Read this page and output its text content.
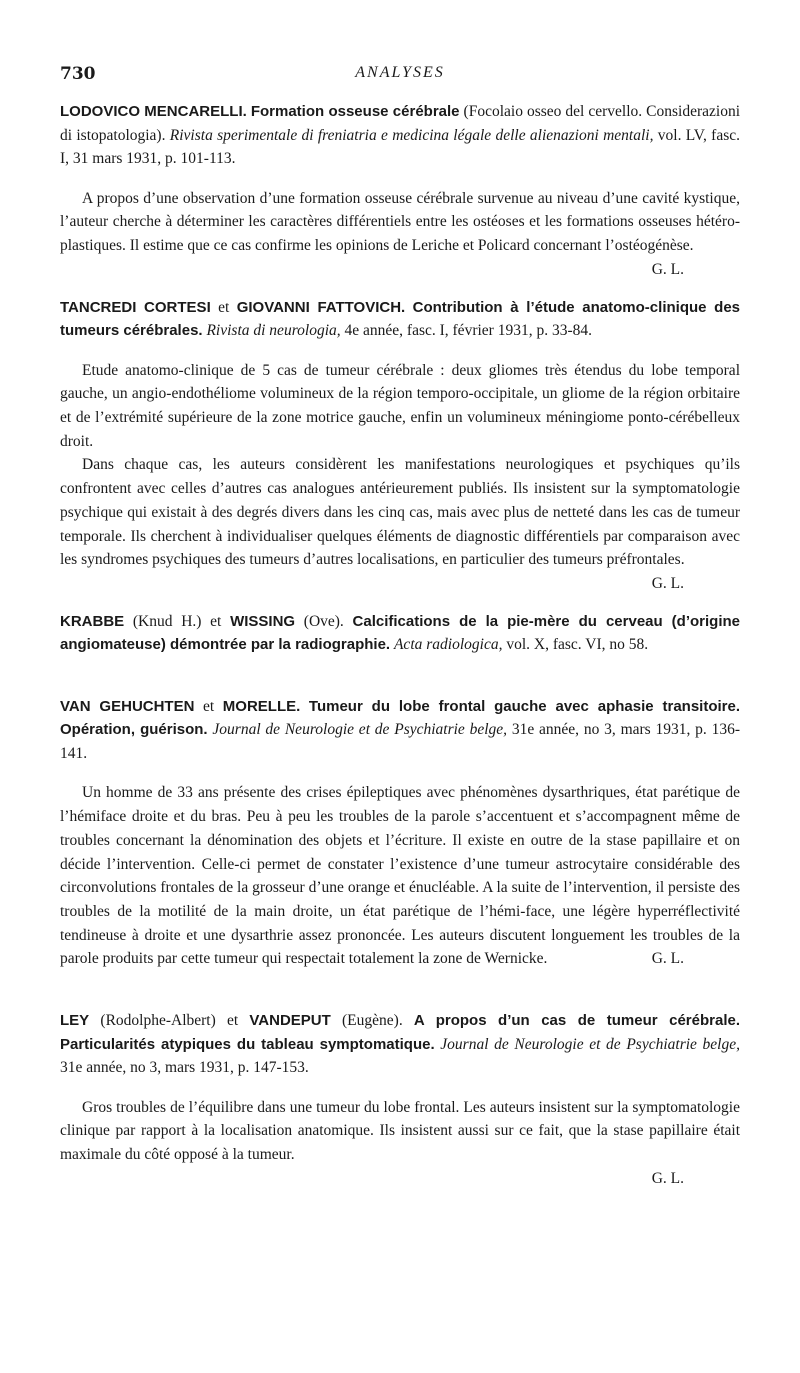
730	ANALYSES

LODOVICO MENCARELLI. Formation osseuse cérébrale (Focolaio osseo del cervello. Considerazioni di istopatologia). Rivista sperimentale di freniatria e medicina légale delle alienazioni mentali, vol. LV, fasc. I, 31 mars 1931, p. 101-113.

A propos d’une observation d’une formation osseuse cérébrale survenue au niveau d’une cavité kystique, l’auteur cherche à déterminer les caractères différentiels entre les ostéoses et les formations osseuses hétéro-plastiques. Il estime que ce cas confirme les opinions de Leriche et Policard concernant l’ostéogénèse.
G. L.

TANCREDI CORTESI et GIOVANNI FATTOVICH. Contribution à l’étude anatomo-clinique des tumeurs cérébrales. Rivista di neurologia, 4e année, fasc. I, février 1931, p. 33-84.

Etude anatomo-clinique de 5 cas de tumeur cérébrale : deux gliomes très étendus du lobe temporal gauche, un angio-endothéliome volumineux de la région temporo-occipitale, un gliome de la région orbitaire et de l’extrémité supérieure de la zone motrice gauche, enfin un volumineux méningiome ponto-cérébelleux droit.

Dans chaque cas, les auteurs considèrent les manifestations neurologiques et psychiques qu’ils confrontent avec celles d’autres cas analogues antérieurement publiés. Ils insistent sur la symptomatologie psychique qui existait à des degrés divers dans les cinq cas, mais avec plus de netteté dans les cas de tumeur temporale. Ils cherchent à individualiser quelques éléments de diagnostic différentiels par comparaison avec les syndromes psychiques des tumeurs d’autres localisations, en particulier des tumeurs préfrontales.
G. L.

KRABBE (Knud H.) et WISSING (Ove). Calcifications de la pie-mère du cerveau (d’origine angiomateuse) démontrée par la radiographie. Acta radiologica, vol. X, fasc. VI, no 58.

VAN GEHUCHTEN et MORELLE. Tumeur du lobe frontal gauche avec aphasie transitoire. Opération, guérison. Journal de Neurologie et de Psychiatrie belge, 31e année, no 3, mars 1931, p. 136-141.

Un homme de 33 ans présente des crises épileptiques avec phénomènes dysarthriques, état parétique de l’hémiface droite et du bras. Peu à peu les troubles de la parole s’accentuent et s’accompagnent même de troubles concernant la dénomination des objets et l’écriture. Il existe en outre de la stase papillaire et on décide l’intervention. Celle-ci permet de constater l’existence d’une tumeur astrocytaire considérable des circonvolutions frontales de la grosseur d’une orange et énucléable. A la suite de l’intervention, il persiste des troubles de la motilité de la main droite, un état parétique de l’hémi-face, une légère hyperréflectivité tendineuse à droite et une dysarthrie assez prononcée. Les auteurs discutent longuement les troubles de la parole produits par cette tumeur qui respectait totalement la zone de Wernicke.	G. L.

LEY (Rodolphe-Albert) et VANDEPUT (Eugène). A propos d’un cas de tumeur cérébrale. Particularités atypiques du tableau symptomatique. Journal de Neurologie et de Psychiatrie belge, 31e année, no 3, mars 1931, p. 147-153.

Gros troubles de l’équilibre dans une tumeur du lobe frontal. Les auteurs insistent sur la symptomatologie clinique par rapport à la localisation anatomique. Ils insistent aussi sur ce fait, que la stase papillaire était maximale du côté opposé à la tumeur.

G. L.
